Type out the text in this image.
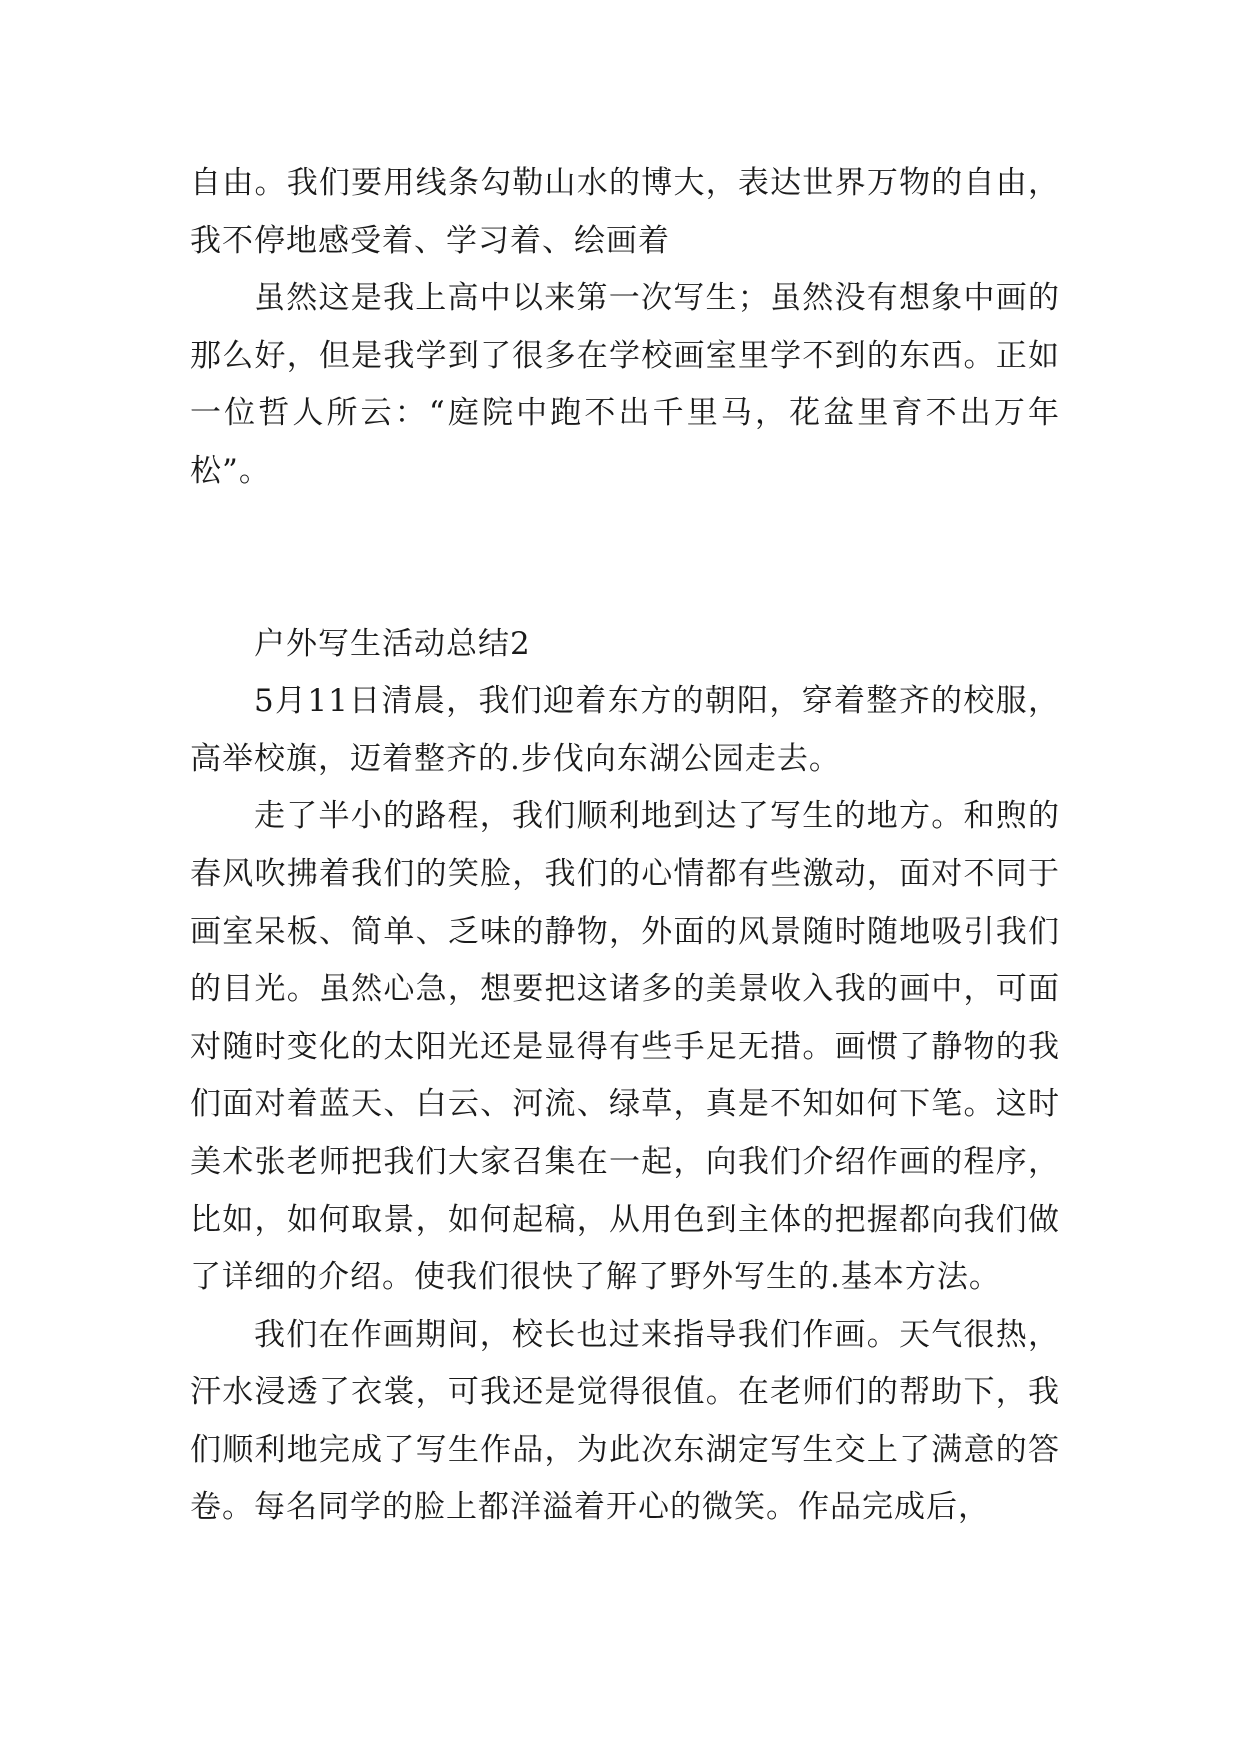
自由。我们要用线条勾勒山水的博大，表达世界万物的自由，我不停地感受着、学习着、绘画着

虽然这是我上高中以来第一次写生；虽然没有想象中画的那么好，但是我学到了很多在学校画室里学不到的东西。正如一位哲人所云：“庭院中跑不出千里马，花盆里育不出万年松”。

户外写生活动总结2

5月11日清晨，我们迎着东方的朝阳，穿着整齐的校服，高举校旗，迈着整齐的.步伐向东湖公园走去。

走了半小的路程，我们顺利地到达了写生的地方。和煦的春风吹拂着我们的笑脸，我们的心情都有些激动，面对不同于画室呆板、简单、乏味的静物，外面的风景随时随地吸引我们的目光。虽然心急，想要把这诸多的美景收入我的画中，可面对随时变化的太阳光还是显得有些手足无措。画惯了静物的我们面对着蓝天、白云、河流、绿草，真是不知如何下笔。这时美术张老师把我们大家召集在一起，向我们介绍作画的程序，比如，如何取景，如何起稿，从用色到主体的把握都向我们做了详细的介绍。使我们很快了解了野外写生的.基本方法。

我们在作画期间，校长也过来指导我们作画。天气很热，汗水浸透了衣裳，可我还是觉得很值。在老师们的帮助下，我们顺利地完成了写生作品，为此次东湖定写生交上了满意的答卷。每名同学的脸上都洋溢着开心的微笑。作品完成后，
